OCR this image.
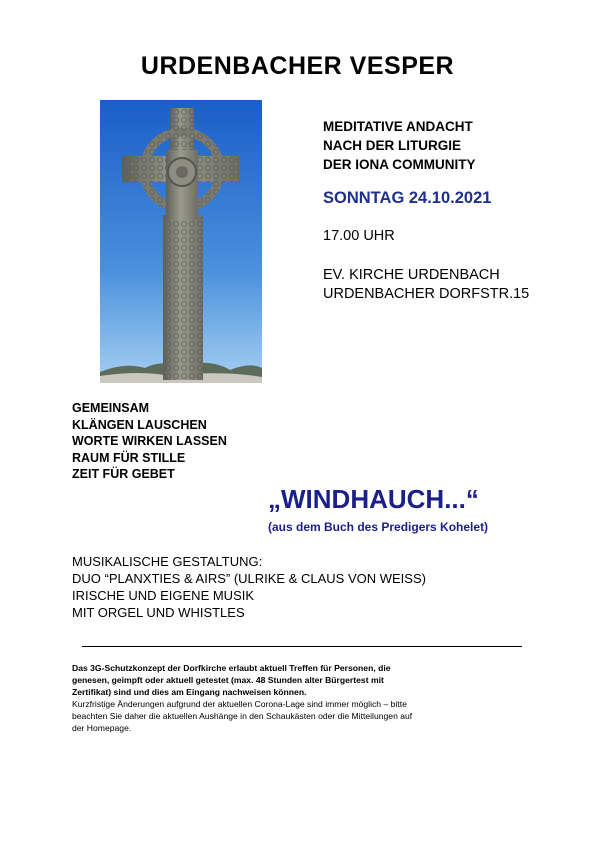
URDENBACHER VESPER
MEDITATIVE ANDACHT
NACH DER LITURGIE
DER IONA COMMUNITY
SONNTAG 24.10.2021
17.00 UHR
EV. KIRCHE URDENBACH
URDENBACHER DORFSTR.15
GEMEINSAM
KLÄNGEN LAUSCHEN
WORTE WIRKEN LASSEN
RAUM FÜR STILLE
ZEIT FÜR GEBET
„WINDHAUCH...“
(aus dem Buch des Predigers Kohelet)
MUSIKALISCHE GESTALTUNG:
DUO “PLANXTIES & AIRS” (ULRIKE & CLAUS VON WEISS)
IRISCHE UND EIGENE MUSIK
MIT ORGEL UND WHISTLES
Das 3G-Schutzkonzept der Dorfkirche erlaubt aktuell Treffen für Personen, die
genesen, geimpft oder aktuell getestet (max. 48 Stunden alter Bürgertest mit
Zertifikat) sind und dies am Eingang nachweisen können.
Kurzfristige Änderungen aufgrund der aktuellen Corona-Lage sind immer möglich – bitte
beachten Sie daher die aktuellen Aushänge in den Schaukästen oder die Mitteilungen auf
der Homepage.
